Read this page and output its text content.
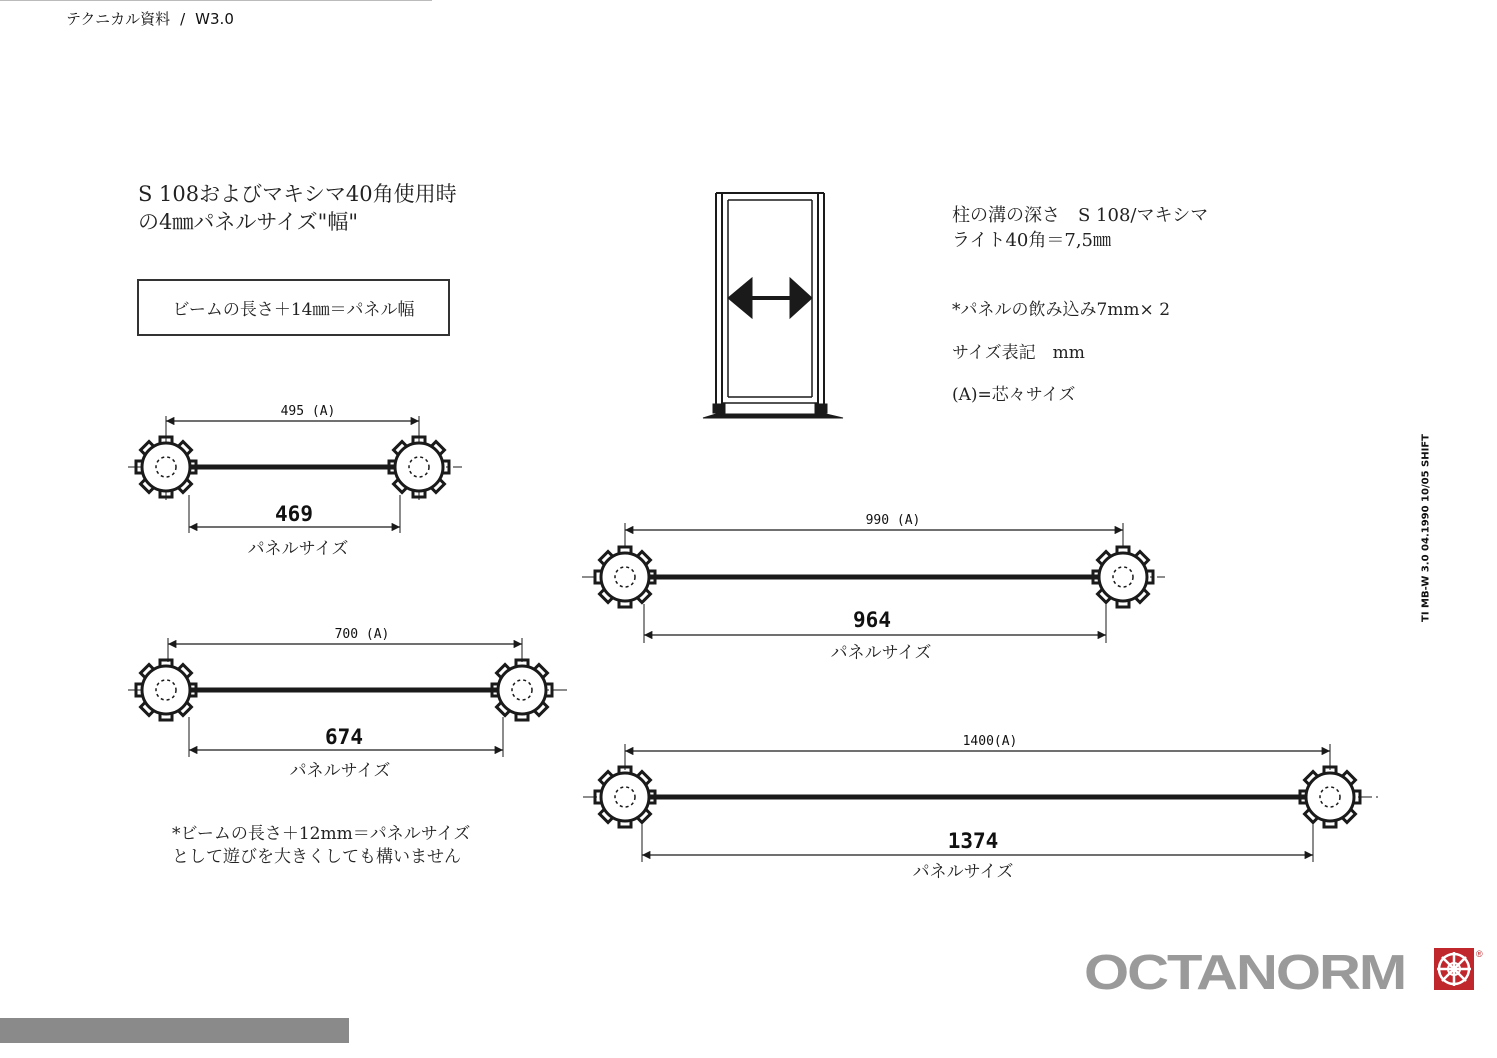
テクニカル資料 / W3.0
S 108およびマキシマ40角使用時
の4㎜パネルサイズ"幅"
ビームの長さ＋14㎜＝パネル幅
柱の溝の深さ　S 108/マキシマ
ライト40角＝7,5㎜
*パネルの飲み込み7mm× 2
サイズ表記　mm
(A)=芯々サイズ
*ビームの長さ＋12mm＝パネルサイズ
として遊びを大きくしても構いません
495 (A)
469
パネルサイズ
700 (A)
674
パネルサイズ
990 (A)
964
パネルサイズ
1400(A)
1374
パネルサイズ
TI MB-W 3.0 04.1990 10/05 SHIFT
OCTANORM	®
